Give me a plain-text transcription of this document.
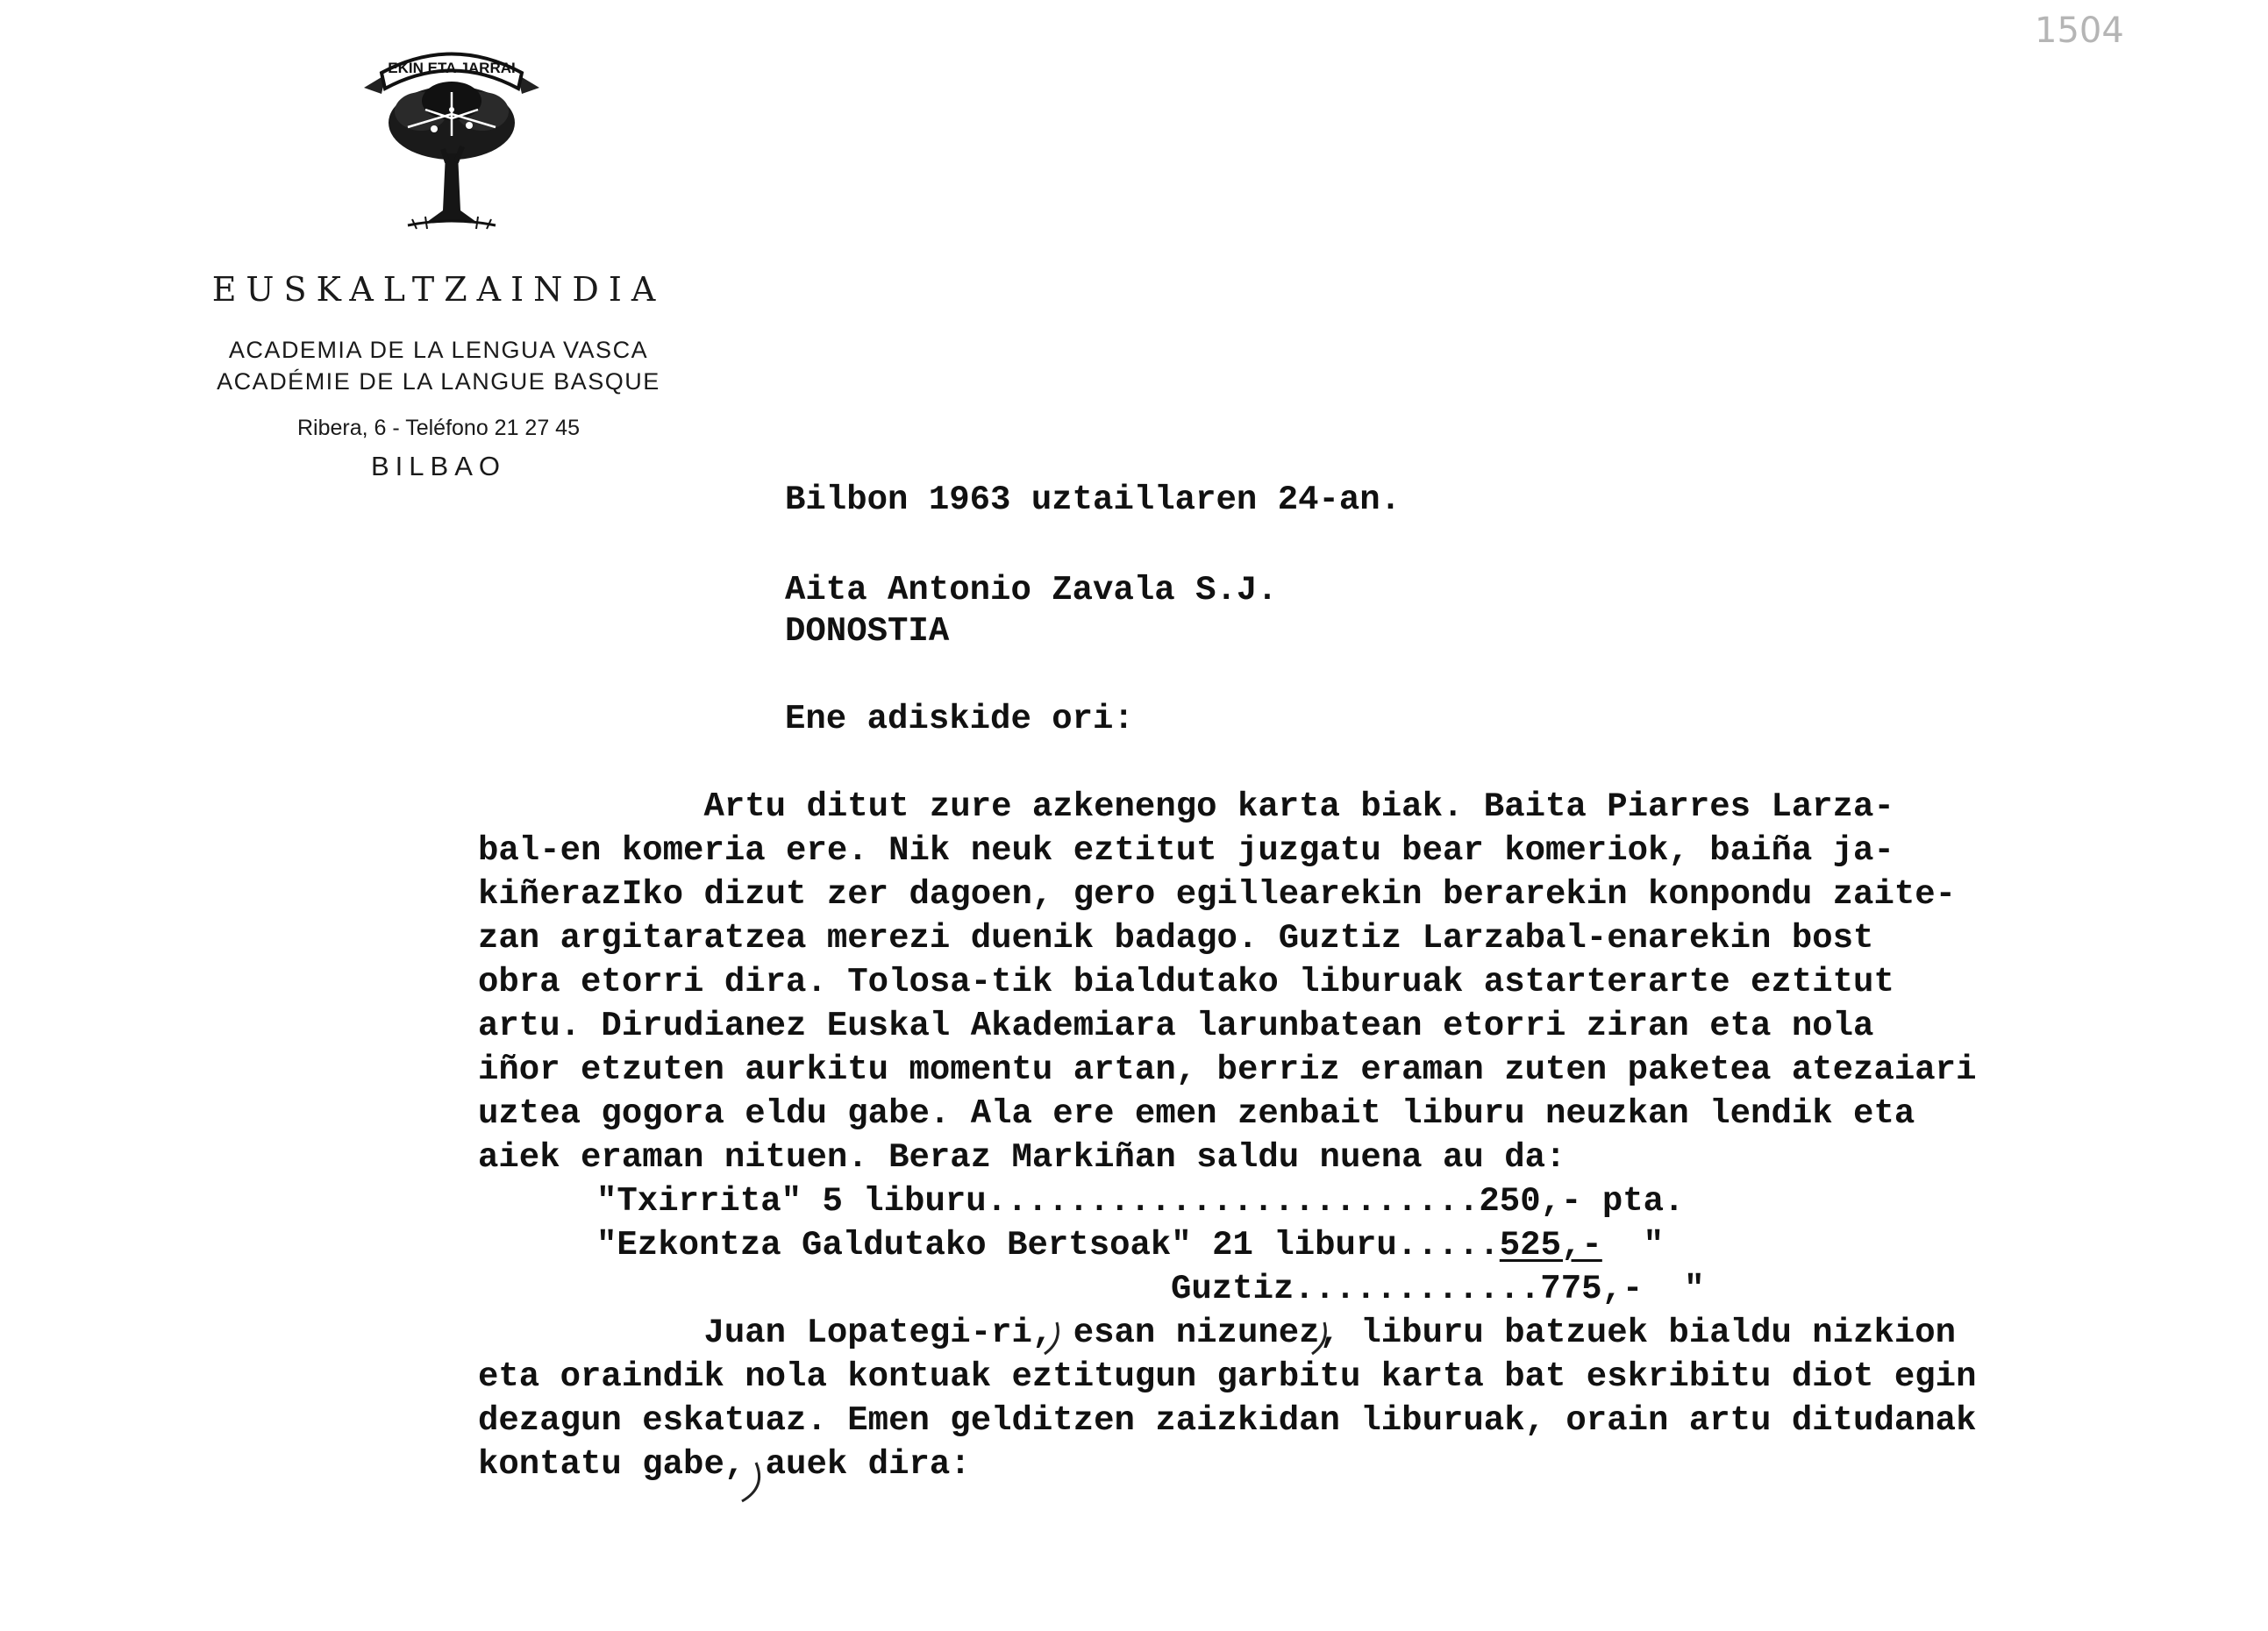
EKIN ETA JARRAI
EUSKALTZAINDIA
ACADEMIA DE LA LENGUA VASCA
ACADÉMIE DE LA LANGUE BASQUE
Ribera, 6 - Teléfono 21 27 45
BILBAO
1504
Bilbon 1963 uztaillaren 24-an.
Aita Antonio Zavala S.J.
DONOSTIA
Ene adiskide ori:
Artu ditut zure azkenengo karta biak. Baita Piarres Larza-
bal-en komeria ere. Nik neuk eztitut juzgatu bear komeriok, baiña ja-
kiñerazIko dizut zer dagoen, gero egillearekin berarekin konpondu zaite-
zan argitaratzea merezi duenik badago. Guztiz Larzabal-enarekin bost
obra etorri dira. Tolosa-tik bialdutako liburuak astarterarte eztitut
artu. Dirudianez Euskal Akademiara larunbatean etorri ziran eta nola
iñor etzuten aurkitu momentu artan, berriz eraman zuten paketea atezaiari
uztea gogora eldu gabe. Ala ere emen zenbait liburu neuzkan lendik eta
aiek eraman nituen. Beraz Markiñan saldu nuena au da:
"Txirrita" 5 liburu........................250,- pta.
"Ezkontza Galdutako Bertsoak" 21 liburu.....525,- "
Guztiz............775,- "
Juan Lopategi-ri, esan nizunez, liburu batzuek bialdu nizkion
eta oraindik nola kontuak eztitugun garbitu karta bat eskribitu diot egin
dezagun eskatuaz. Emen gelditzen zaizkidan liburuak, orain artu ditudanak
kontatu gabe, auek dira:
